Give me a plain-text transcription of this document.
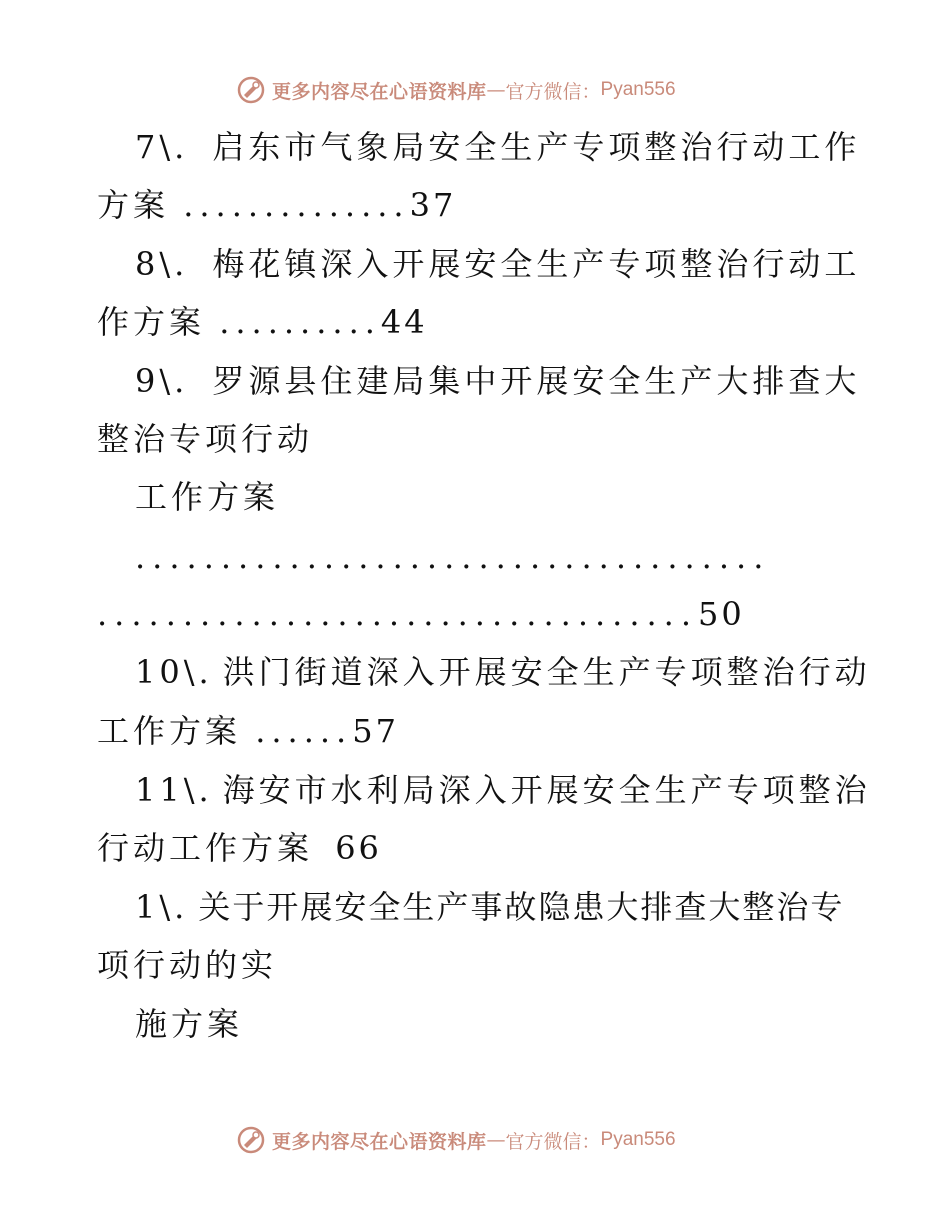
更多内容尽在心语资料库 — 官方微信： Pyan556
7\. 启东市气象局安全生产专项整治行动工作
方案 ..............37
8\. 梅花镇深入开展安全生产专项整治行动工
作方案 ..........44
9\. 罗源县住建局集中开展安全生产大排查大
整治专项行动
工作方案
.....................................
...................................50
10\. 洪门街道深入开展安全生产专项整治行动
工作方案 ......57
11\. 海安市水利局深入开展安全生产专项整治
行动工作方案 66
1\. 关于开展安全生产事故隐患大排查大整治专
项行动的实
施方案
更多内容尽在心语资料库 — 官方微信： Pyan556
